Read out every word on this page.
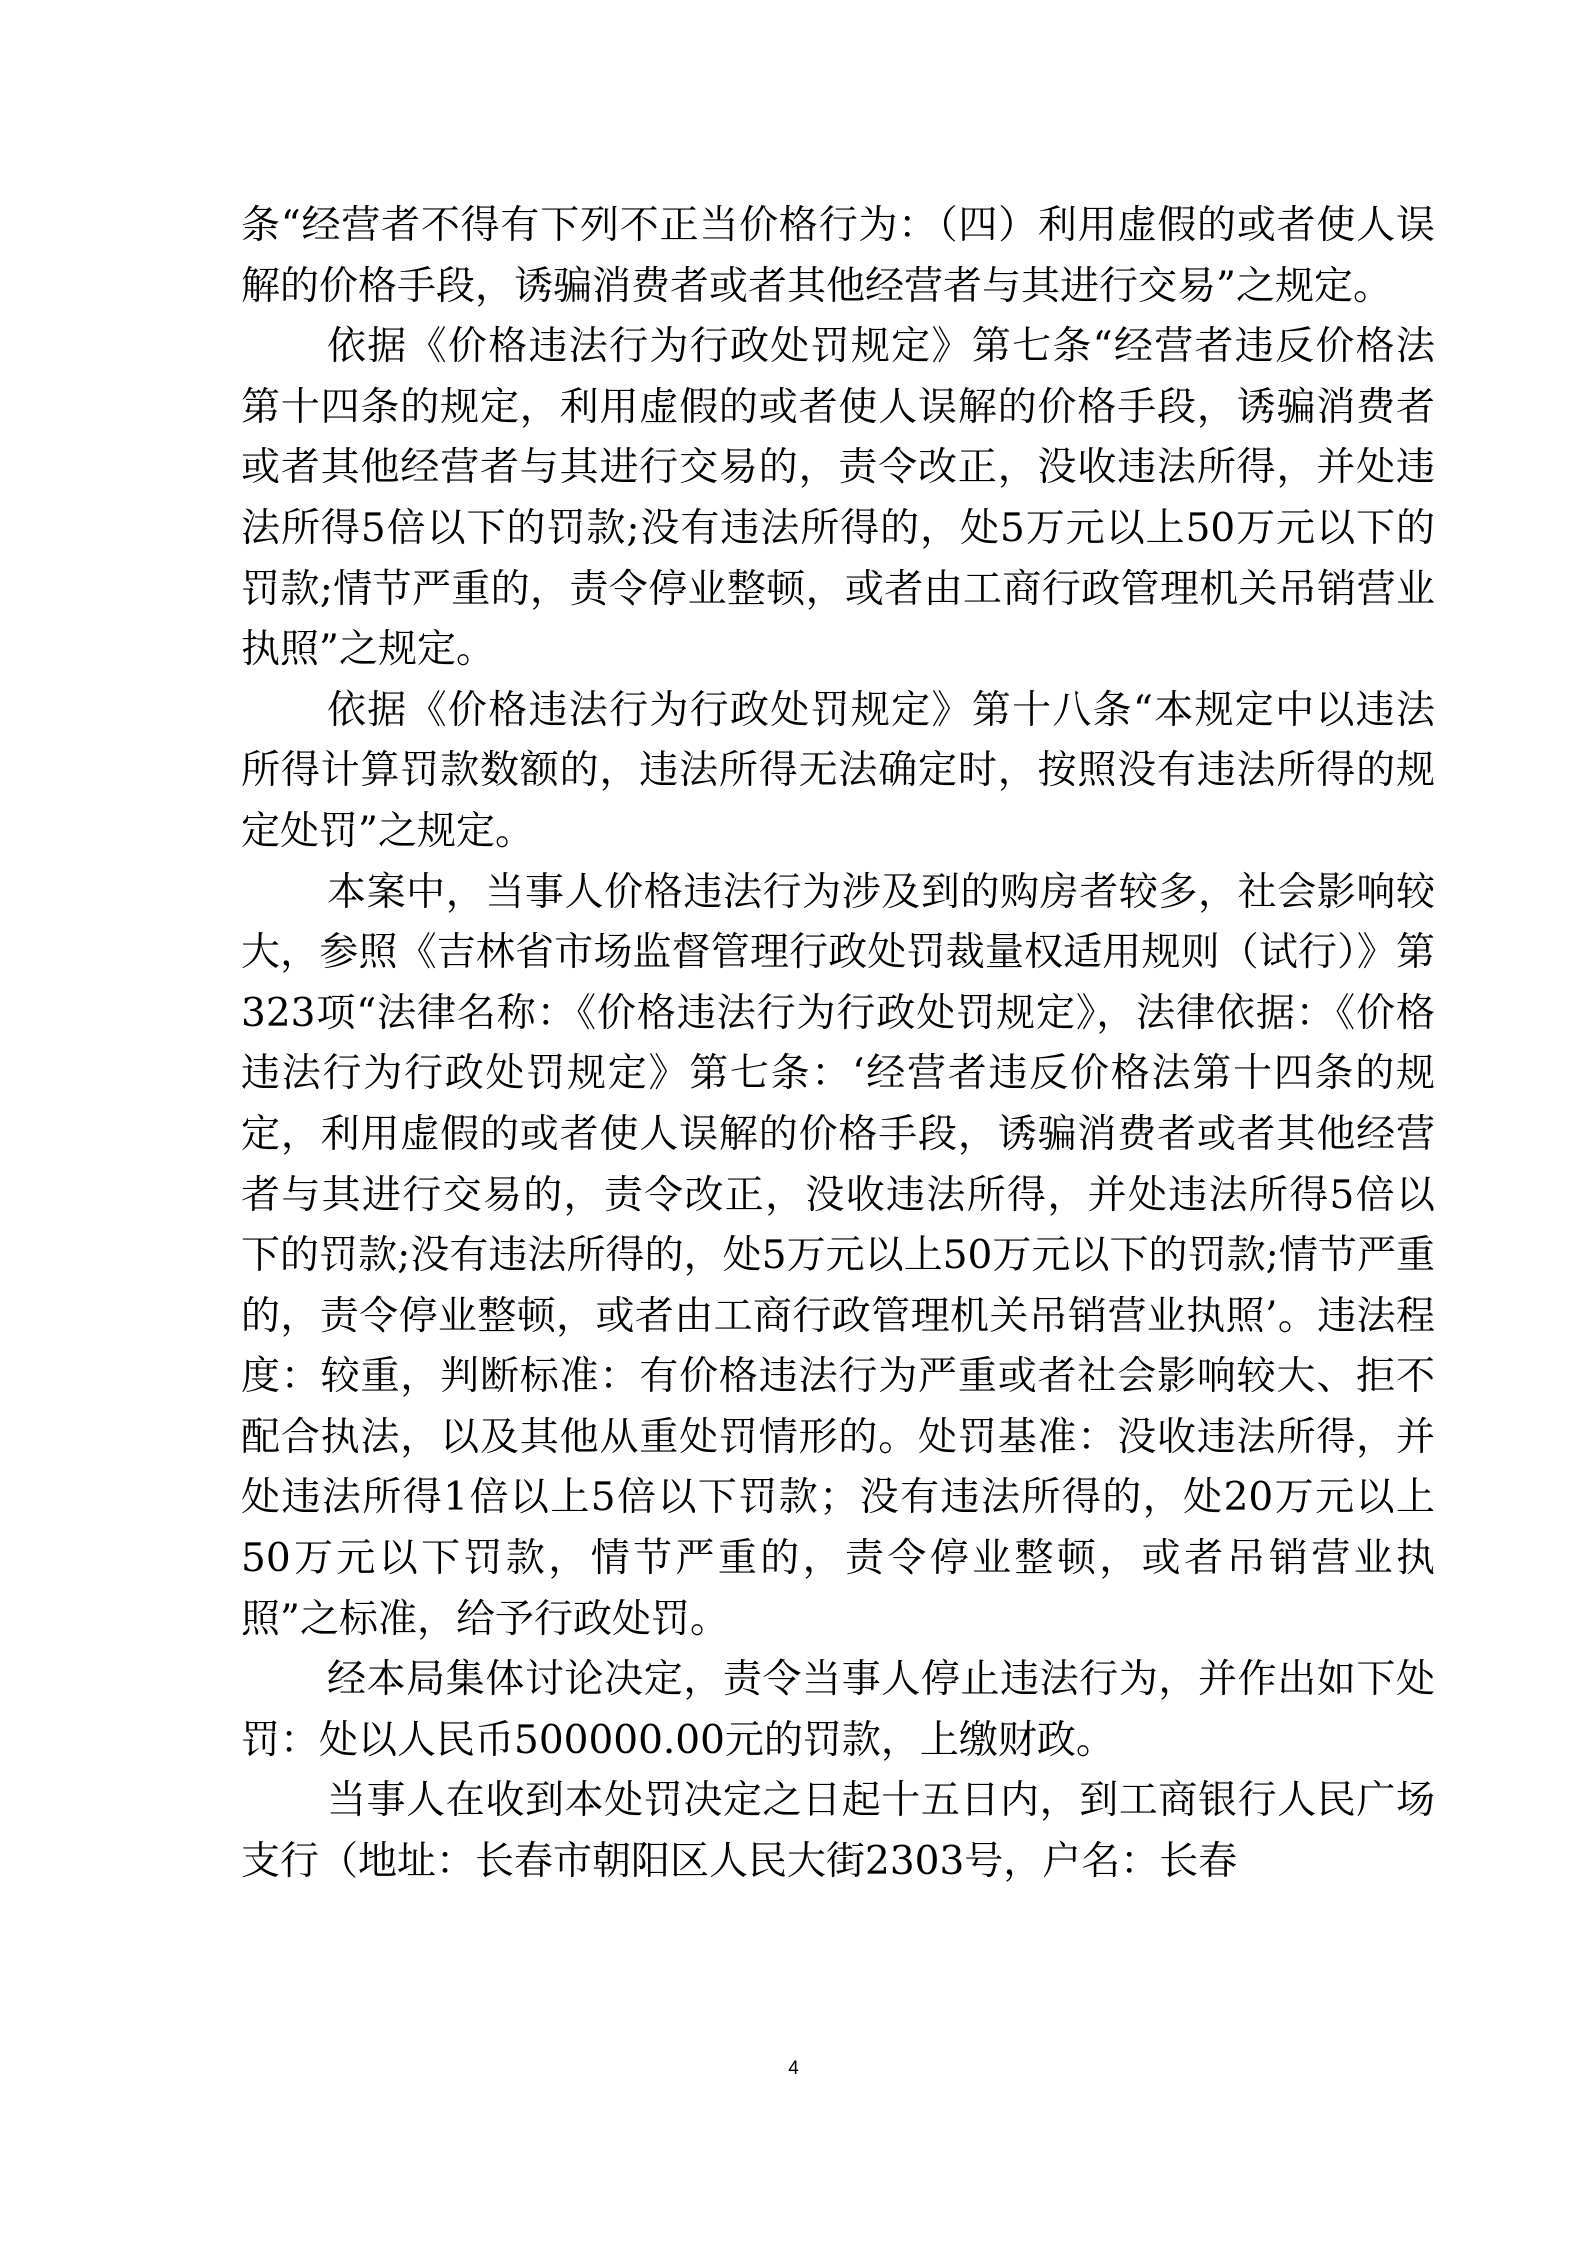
条“经营者不得有下列不正当价格行为：（四）利用虚假的或者使人误解的价格手段，诱骗消费者或者其他经营者与其进行交易”之规定。

依据《价格违法行为行政处罚规定》第七条“经营者违反价格法第十四条的规定，利用虚假的或者使人误解的价格手段，诱骗消费者或者其他经营者与其进行交易的，责令改正，没收违法所得，并处违法所得5倍以下的罚款;没有违法所得的，处5万元以上50万元以下的罚款;情节严重的，责令停业整顿，或者由工商行政管理机关吊销营业执照”之规定。

依据《价格违法行为行政处罚规定》第十八条“本规定中以违法所得计算罚款数额的，违法所得无法确定时，按照没有违法所得的规定处罚”之规定。

本案中，当事人价格违法行为涉及到的购房者较多，社会影响较大，参照《吉林省市场监督管理行政处罚裁量权适用规则（试行）》第323项“法律名称：《价格违法行为行政处罚规定》，法律依据：《价格违法行为行政处罚规定》第七条：‘经营者违反价格法第十四条的规定，利用虚假的或者使人误解的价格手段，诱骗消费者或者其他经营者与其进行交易的，责令改正，没收违法所得，并处违法所得5倍以下的罚款;没有违法所得的，处5万元以上50万元以下的罚款;情节严重的，责令停业整顿，或者由工商行政管理机关吊销营业执照’。违法程度：较重，判断标准：有价格违法行为严重或者社会影响较大、拒不配合执法，以及其他从重处罚情形的。处罚基准：没收违法所得，并处违法所得1倍以上5倍以下罚款；没有违法所得的，处20万元以上50万元以下罚款，情节严重的，责令停业整顿，或者吊销营业执照”之标准，给予行政处罚。

经本局集体讨论决定，责令当事人停止违法行为，并作出如下处罚：处以人民币500000.00元的罚款，上缴财政。

当事人在收到本处罚决定之日起十五日内，到工商银行人民广场支行（地址：长春市朝阳区人民大街2303号，户名：长春

4
